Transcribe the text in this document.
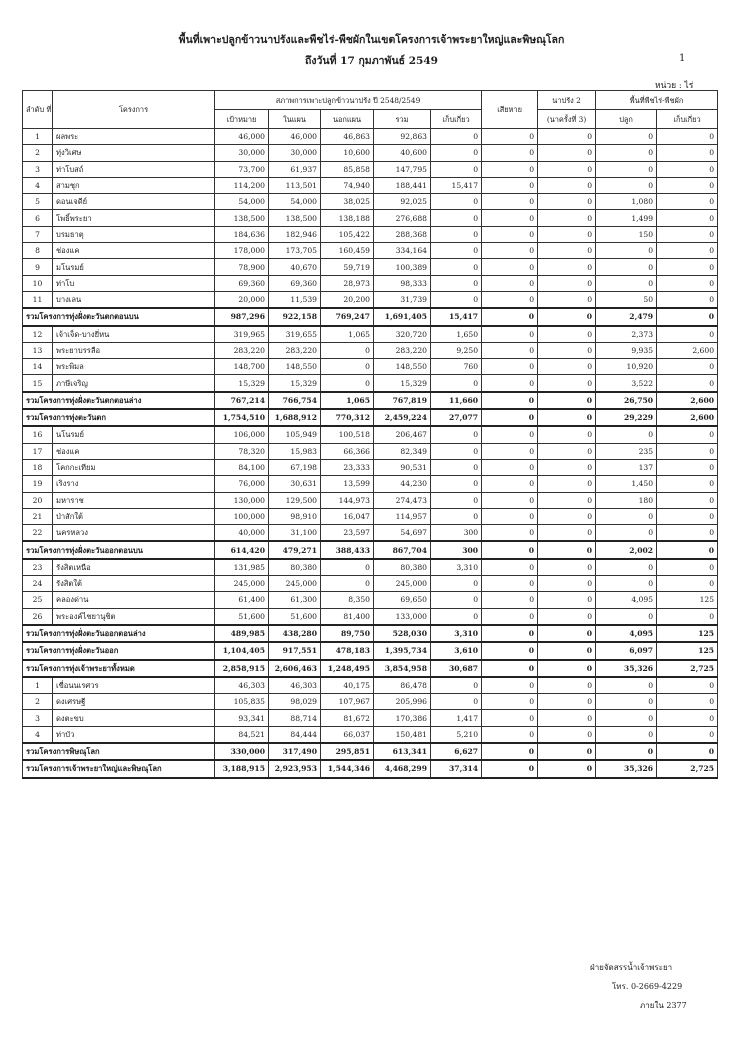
พื้นที่เพาะปลูกข้าวนาปรังและพืชไร่-พืชผักในเขตโครงการเจ้าพระยาใหญ่และพิษณุโลก
ถึงวันที่ 17 กุมภาพันธ์ 2549	1
หน่วย : ไร่
ลำดับ ที่	โครงการ	สภาพการเพาะปลูกข้าวนาปรัง ปี 2548/2549					เสียหาย	นาปรัง 2	พื้นที่พืชไร่-พืชผัก	
		เป้าหมาย	ในแผน	นอกแผน	รวม	เก็บเกี่ยว		(นาครั้งที่ 3)	ปลูก	เก็บเกี่ยว
1	ผลพระ	46,000	46,000	46,863	92,863	0	0	0	0	0
2	ทุ่งวิเศษ	30,000	30,000	10,600	40,600	0	0	0	0	0
3	ท่าโบสถ์	73,700	61,937	85,858	147,795	0	0	0	0	0
4	สามชุก	114,200	113,501	74,940	188,441	15,417	0	0	0	0
5	ดอนเจดีย์	54,000	54,000	38,025	92,025	0	0	0	1,080	0
6	โพธิ์พระยา	138,500	138,500	138,188	276,688	0	0	0	1,499	0
7	บรมธาตุ	184,636	182,946	105,422	288,368	0	0	0	150	0
8	ช่องแค	178,000	173,705	160,459	334,164	0	0	0	0	0
9	มโนรมย์	78,900	40,670	59,719	100,389	0	0	0	0	0
10	ท่าโบ	69,360	69,360	28,973	98,333	0	0	0	0	0
11	บางเลน	20,000	11,539	20,200	31,739	0	0	0	50	0
รวมโครงการทุ่งฝั่งตะวันตกตอนบน		987,296	922,158	769,247	1,691,405	15,417	0	0	2,479	0
12	เจ้าเจ็ด-บางยี่หน	319,965	319,655	1,065	320,720	1,650	0	0	2,373	0
13	พระยาบรรลือ	283,220	283,220	0	283,220	9,250	0	0	9,935	2,600
14	พระพิมล	148,700	148,550	0	148,550	760	0	0	10,920	0
15	ภาษีเจริญ	15,329	15,329	0	15,329	0	0	0	3,522	0
รวมโครงการทุ่งฝั่งตะวันตกตอนล่าง		767,214	766,754	1,065	767,819	11,660	0	0	26,750	2,600
รวมโครงการทุ่งตะวันตก		1,754,510	1,688,912	770,312	2,459,224	27,077	0	0	29,229	2,600
16	นโนรมย์	106,000	105,949	100,518	206,467	0	0	0	0	0
17	ช่องแค	78,320	15,983	66,366	82,349	0	0	0	235	0
18	โคกกะเทียม	84,100	67,198	23,333	90,531	0	0	0	137	0
19	เริงราง	76,000	30,631	13,599	44,230	0	0	0	1,450	0
20	มหาราช	130,000	129,500	144,973	274,473	0	0	0	180	0
21	ป่าสักใต้	100,000	98,910	16,047	114,957	0	0	0	0	0
22	นครหลวง	40,000	31,100	23,597	54,697	300	0	0	0	0
รวมโครงการทุ่งฝั่งตะวันออกตอนบน		614,420	479,271	388,433	867,704	300	0	0	2,002	0
23	รังสิตเหนือ	131,985	80,380	0	80,380	3,310	0	0	0	0
24	รังสิตใต้	245,000	245,000	0	245,000	0	0	0	0	0
25	คลองด่าน	61,400	61,300	8,350	69,650	0	0	0	4,095	125
26	พระองค์ไชยานุชิต	51,600	51,600	81,400	133,000	0	0	0	0	0
รวมโครงการทุ่งฝั่งตะวันออกตอนล่าง		489,985	438,280	89,750	528,030	3,310	0	0	4,095	125
รวมโครงการทุ่งฝั่งตะวันออก		1,104,405	917,551	478,183	1,395,734	3,610	0	0	6,097	125
รวมโครงการทุ่งเจ้าพระยาทั้งหมด		2,858,915	2,606,463	1,248,495	3,854,958	30,687	0	0	35,326	2,725
1	เขื่อนนเรศวร	46,303	46,303	40,175	86,478	0	0	0	0	0
2	ดงเศรษฐี	105,835	98,029	107,967	205,996	0	0	0	0	0
3	ดงตะขบ	93,341	88,714	81,672	170,386	1,417	0	0	0	0
4	ท่าบัว	84,521	84,444	66,037	150,481	5,210	0	0	0	0
รวมโครงการพิษณุโลก		330,000	317,490	295,851	613,341	6,627	0	0	0	0
รวมโครงการเจ้าพระยาใหญ่และพิษณุโลก		3,188,915	2,923,953	1,544,346	4,468,299	37,314	0	0	35,326	2,725
ฝ่ายจัดสรรน้ำเจ้าพระยา
โทร. 0-2669-4229
ภายใน 2377
